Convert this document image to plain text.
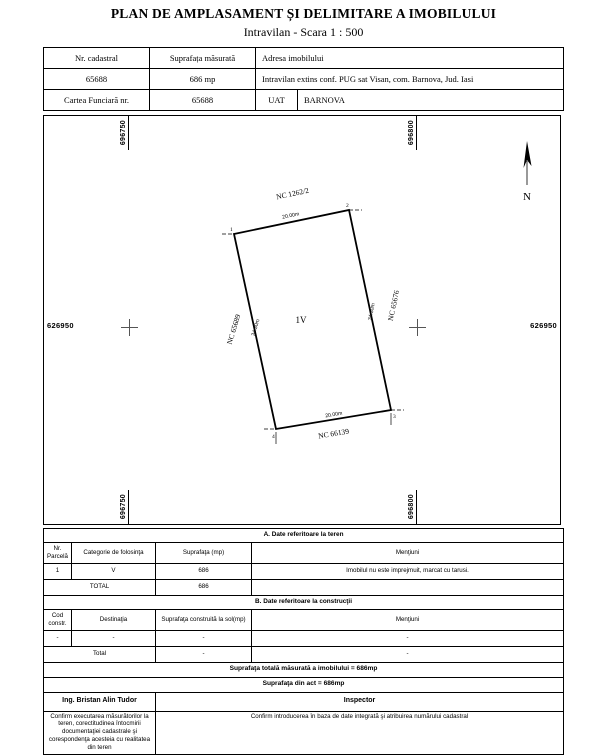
PLAN DE AMPLASAMENT ȘI DELIMITARE A IMOBILULUI
Intravilan - Scara 1 : 500
Nr. cadastral	Suprafața măsurată	Adresa imobilului	
65688	686 mp	Intravilan extins conf. PUG sat Visan, com. Barnova, Jud. Iasi	
Cartea Funciară nr.	65688	UAT	BARNOVA
696750	696800
696750	696800
626950	626950
N
1
2
3
4
1V
20.00m
NC 1262/2
20.00m
NC 66139
34.30m
NC 65689
34.30m NC 65676
A. Date referitoare la teren			
Nr. Parcelă	Categorie de folosinţa	Suprafaţa (mp)	Menţiuni
1	V	686	Imobilul nu este imprejmuit, marcat cu tarusi.
TOTAL		686	
B. Date referitoare la construcţii			
Cod constr.	Destinaţia	Suprafaţa construită la sol(mp)	Menţiuni
-	-	-	-
Total		-	-
Suprafaţa totală măsurată a imobilului = 686mp			
Suprafaţa din act = 686mp			
Ing. Bristan Alin Tudor		Inspector	
Confirm executarea măsurătorilor la teren, corectitudinea întocmirii documentaţiei cadastrale şi corespondenţa acesteia cu realitatea din teren		Confirm introducerea în baza de date integrată şi atribuirea numărului cadastral	
